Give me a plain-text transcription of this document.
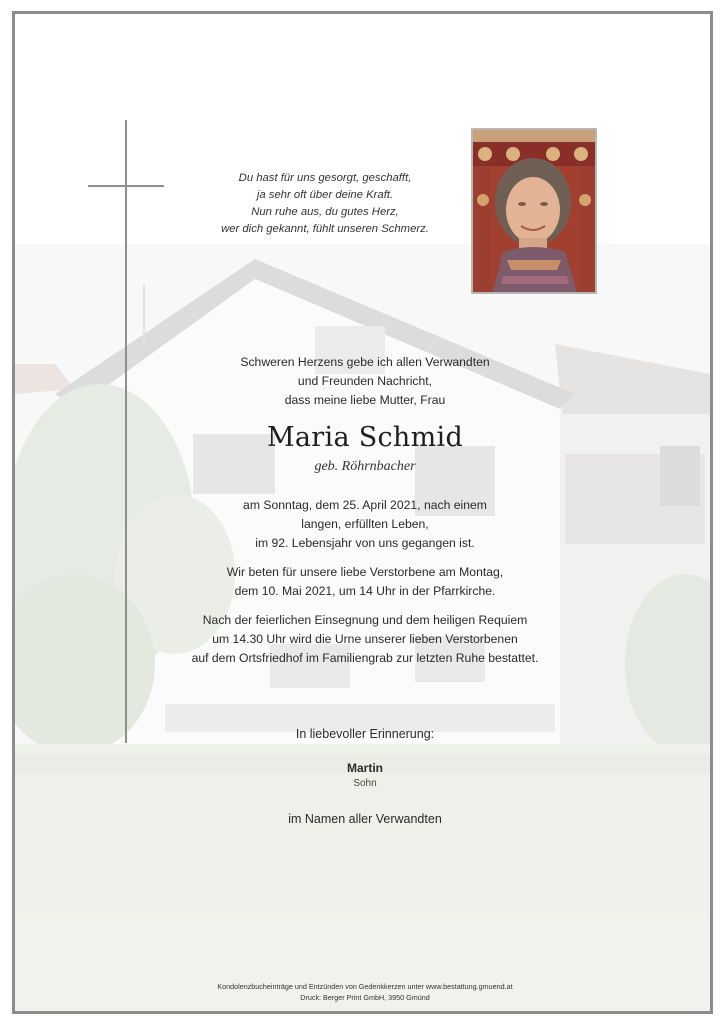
Du hast für uns gesorgt, geschafft,
ja sehr oft über deine Kraft.
Nun ruhe aus, du gutes Herz,
wer dich gekannt, fühlt unseren Schmerz.
Schweren Herzens gebe ich allen Verwandten
und Freunden Nachricht,
dass meine liebe Mutter, Frau
Maria Schmid
geb. Röhrnbacher
am Sonntag, dem 25. April 2021, nach einem
langen, erfüllten Leben,
im 92. Lebensjahr von uns gegangen ist.
Wir beten für unsere liebe Verstorbene am Montag,
dem 10. Mai 2021, um 14 Uhr in der Pfarrkirche.
Nach der feierlichen Einsegnung und dem heiligen Requiem
um 14.30 Uhr wird die Urne unserer lieben Verstorbenen
auf dem Ortsfriedhof im Familiengrab zur letzten Ruhe bestattet.
In liebevoller Erinnerung:
Martin
Sohn
im Namen aller Verwandten
Kondolenzbucheinträge und Entzünden von Gedenkkerzen unter www.bestattung.gmuend.at
Druck: Berger Print GmbH, 3950 Gmünd
